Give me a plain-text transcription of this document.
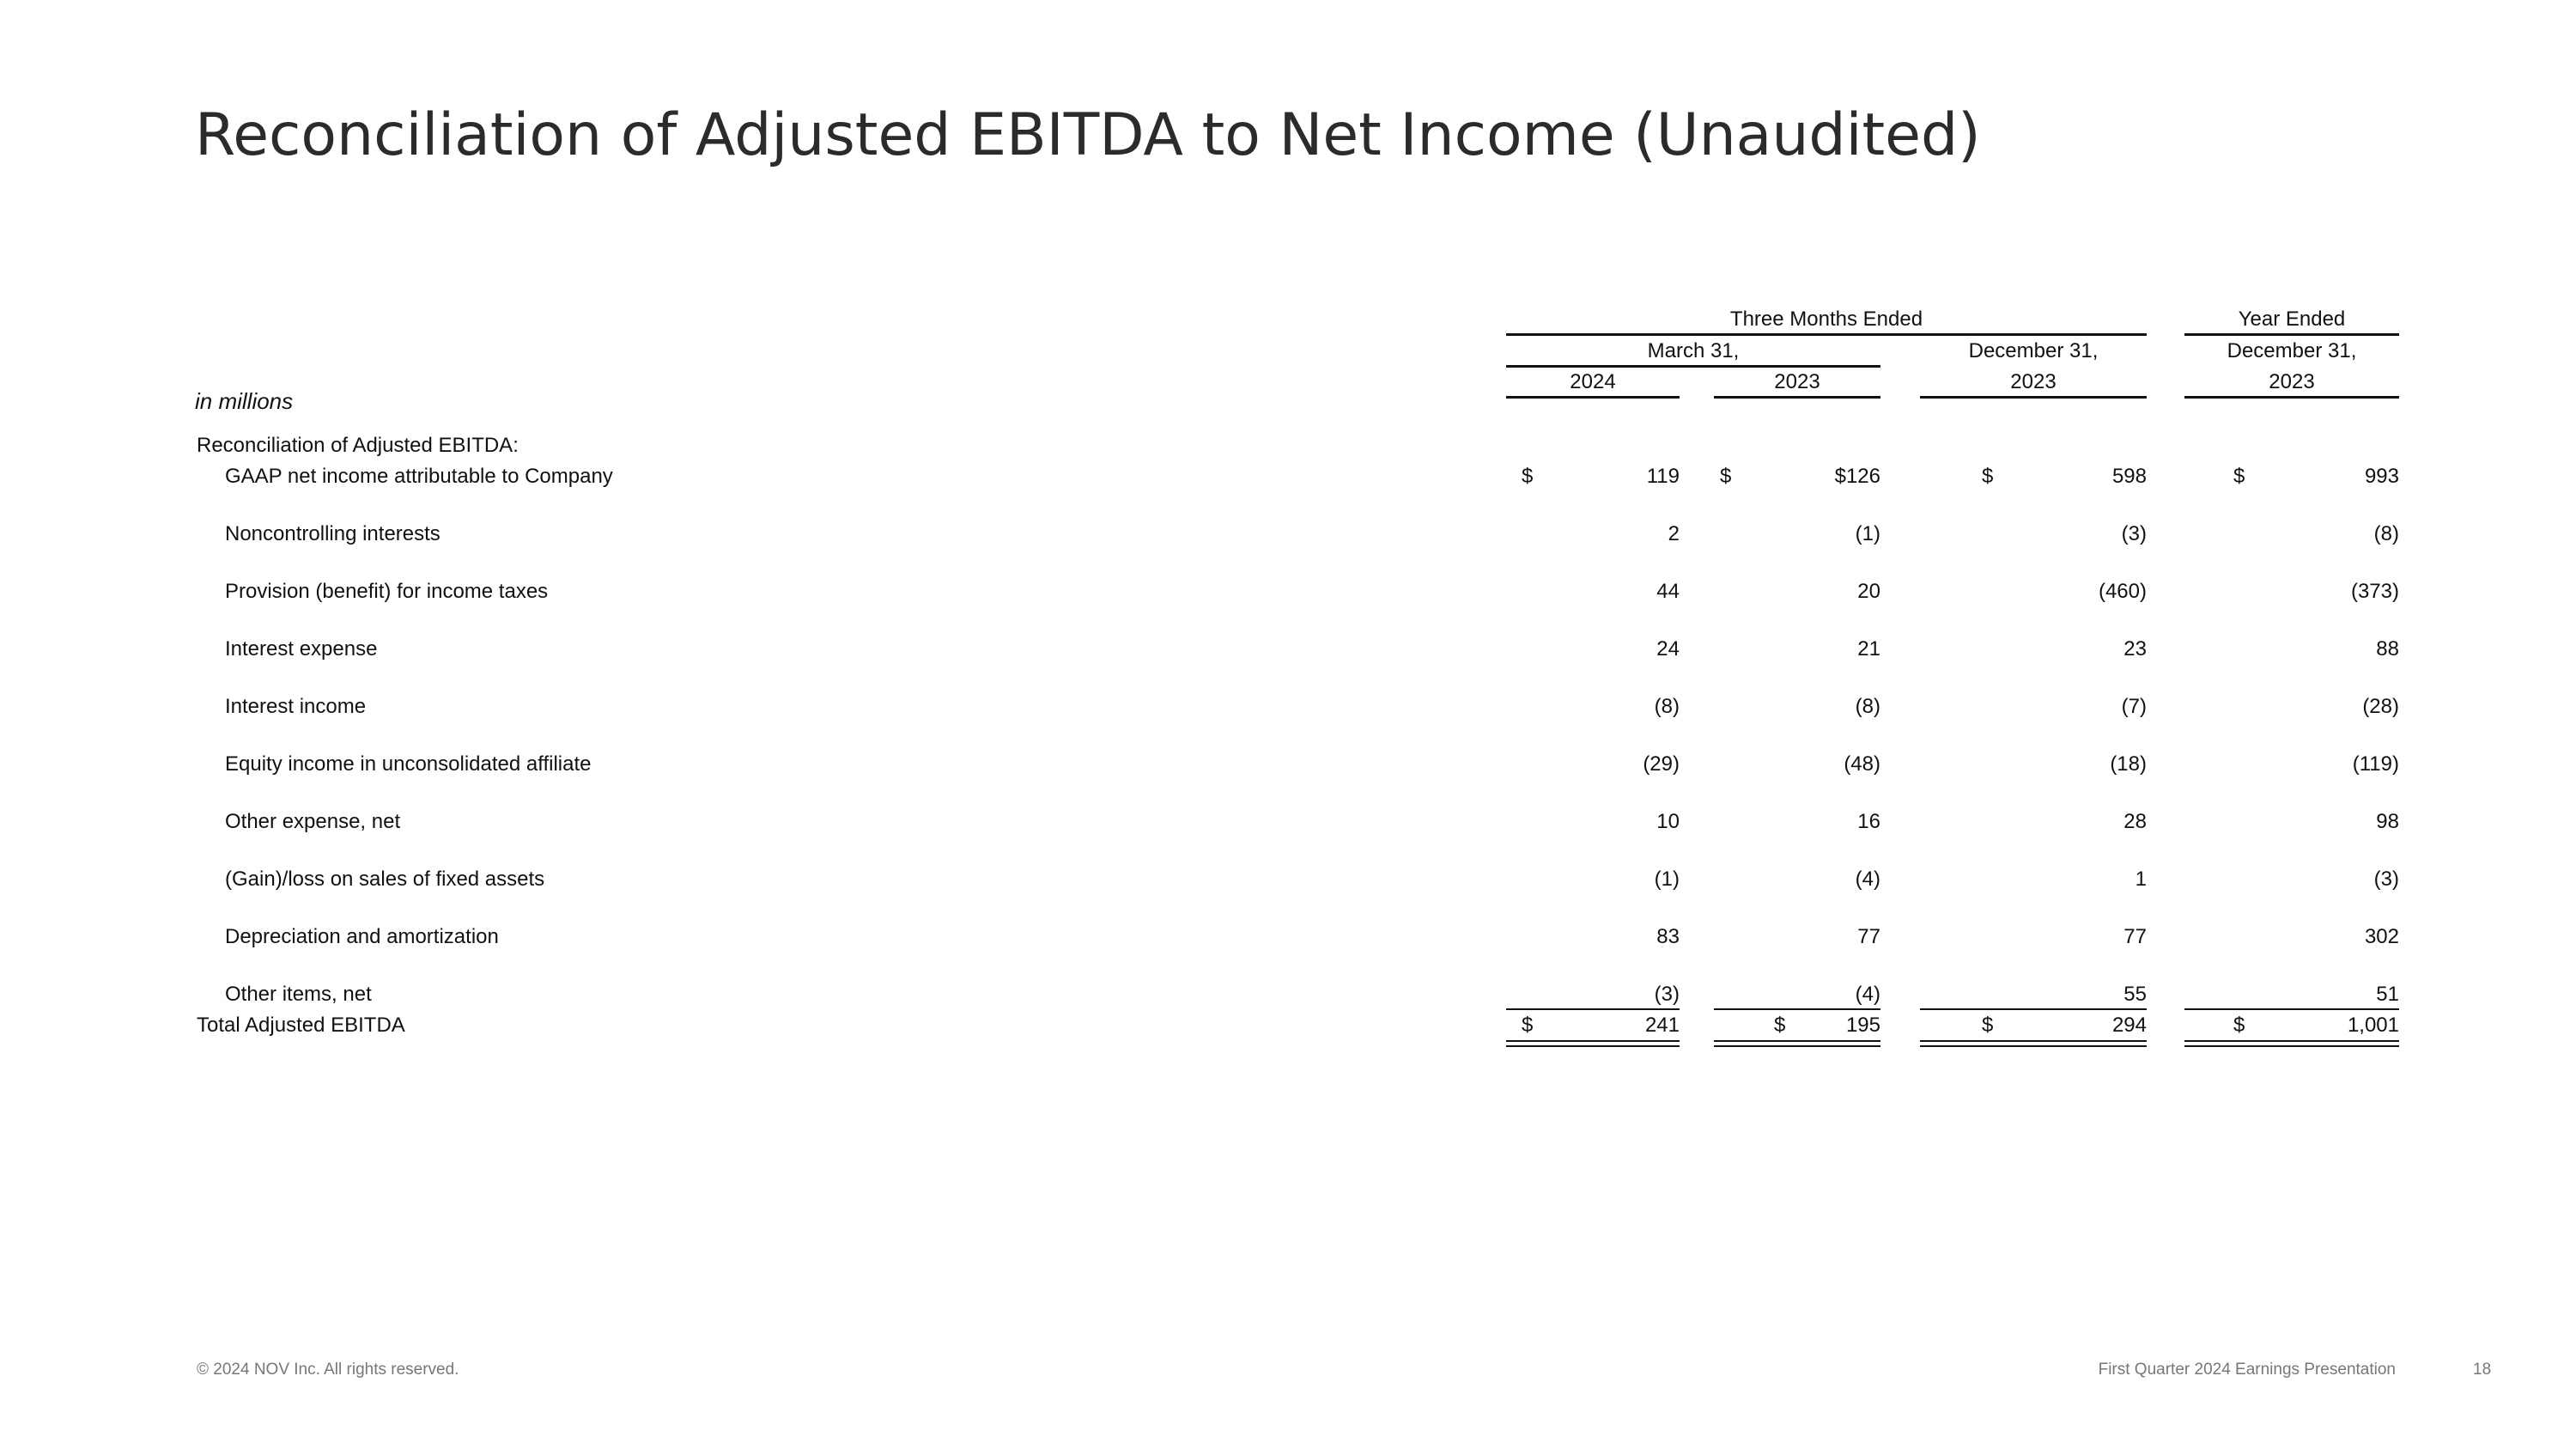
Reconciliation of Adjusted EBITDA to Net Income (Unaudited)
in millions
Three Months Ended	Year Ended
March 31,	December 31,	December 31,
2024	2023	2023	2023
Reconciliation of Adjusted EBITDA:
GAAP net income attributable to Company	$	119 $	$126	$	598	$	993
Noncontrolling interests	2	(1)	(3)	(8)
Provision (benefit) for income taxes	44	20	(460)	(373)
Interest expense	24	21	23	88
Interest income	(8)	(8)	(7)	(28)
Equity income in unconsolidated affiliate	(29)	(48)	(18)	(119)
Other expense, net	10	16	28	98
(Gain)/loss on sales of fixed assets	(1)	(4)	1	(3)
Depreciation and amortization	83	77	77	302
Other items, net	(3)	(4)	55	51
Total Adjusted EBITDA	$	241	$	195	$	294	$	1,001
© 2024 NOV Inc. All rights reserved.	First Quarter 2024 Earnings Presentation	18
